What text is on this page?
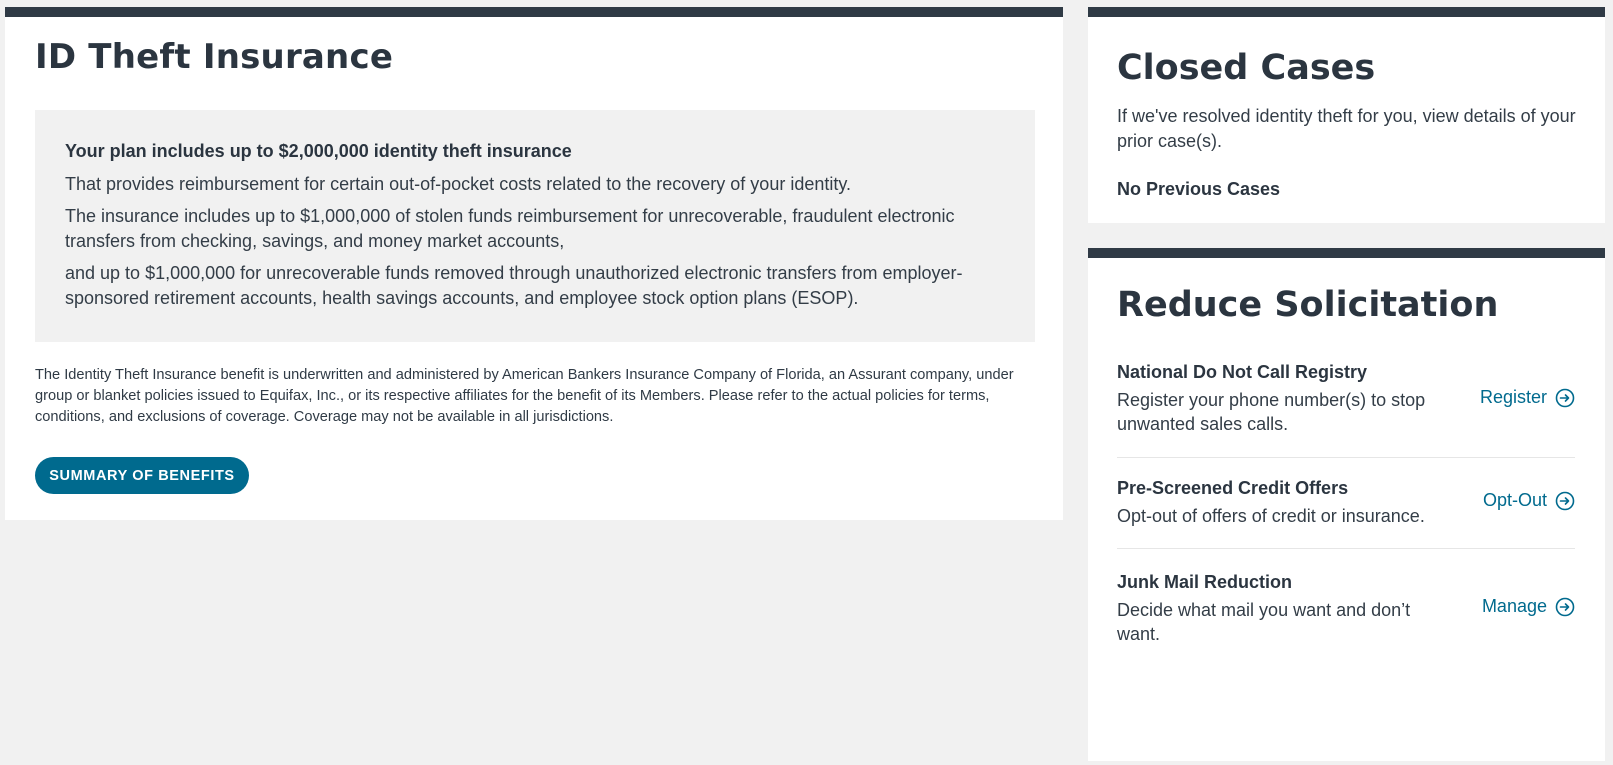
ID Theft Insurance
Your plan includes up to $2,000,000 identity theft insurance

That provides reimbursement for certain out-of-pocket costs related to the recovery of your identity.

The insurance includes up to $1,000,000 of stolen funds reimbursement for unrecoverable, fraudulent electronic transfers from checking, savings, and money market accounts,

and up to $1,000,000 for unrecoverable funds removed through unauthorized electronic transfers from employer-sponsored retirement accounts, health savings accounts, and employee stock option plans (ESOP).

The Identity Theft Insurance benefit is underwritten and administered by American Bankers Insurance Company of Florida, an Assurant company, under group or blanket policies issued to Equifax, Inc., or its respective affiliates for the benefit of its Members. Please refer to the actual policies for terms, conditions, and exclusions of coverage. Coverage may not be available in all jurisdictions.

SUMMARY OF BENEFITS
Closed Cases

If we've resolved identity theft for you, view details of your prior case(s).

No Previous Cases
Reduce Solicitation
National Do Not Call Registry
Register your phone number(s) to stop unwanted sales calls.
Register
Pre-Screened Credit Offers
Opt-out of offers of credit or insurance.
Opt-Out
Junk Mail Reduction
Decide what mail you want and don’t want.
Manage
